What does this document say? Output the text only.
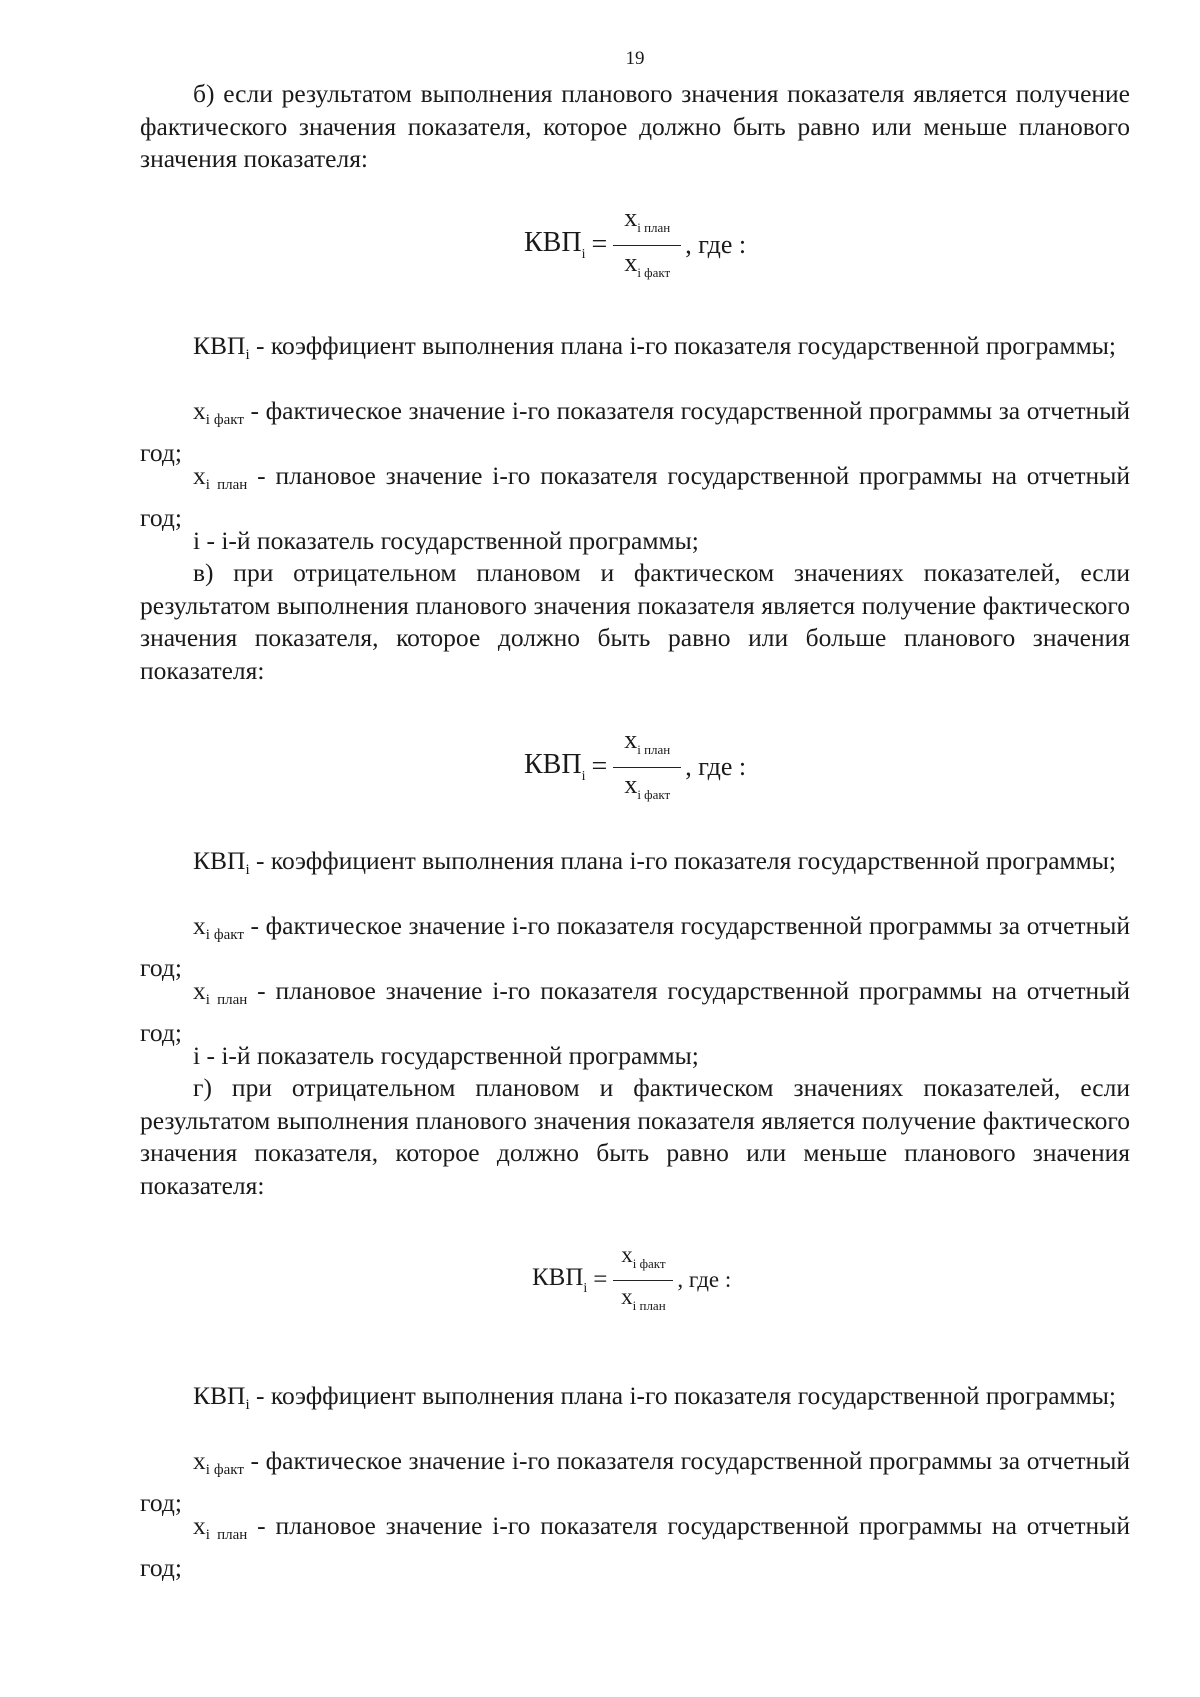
19

б) если результатом выполнения планового значения показателя является получение фактического значения показателя, которое должно быть равно или меньше планового значения показателя:

$КВП_i = \frac{x_{i план}}{x_{i факт}}$ , где :

$КВП_i$ - коэффициент выполнения плана i-го показателя государственной программы;

$x_{i факт}$ - фактическое значение i-го показателя государственной программы за отчетный год;

$x_{i план}$ - плановое значение i-го показателя государственной программы на отчетный год;

i - i-й показатель государственной программы;

в) при отрицательном плановом и фактическом значениях показателей, если результатом выполнения планового значения показателя является получение фактического значения показателя, которое должно быть равно или больше планового значения показателя:

$КВП_i = \frac{x_{i план}}{x_{i факт}}$ , где :

$КВП_i$ - коэффициент выполнения плана i-го показателя государственной программы;

$x_{i факт}$ - фактическое значение i-го показателя государственной программы за отчетный год;

$x_{i план}$ - плановое значение i-го показателя государственной программы на отчетный год;

i - i-й показатель государственной программы;

г) при отрицательном плановом и фактическом значениях показателей, если результатом выполнения планового значения показателя является получение фактического значения показателя, которое должно быть равно или меньше планового значения показателя:

$КВП_i = \frac{x_{i факт}}{x_{i план}}$ , где :

$КВП_i$ - коэффициент выполнения плана i-го показателя государственной программы;

$x_{i факт}$ - фактическое значение i-го показателя государственной программы за отчетный год;

$x_{i план}$ - плановое значение i-го показателя государственной программы на отчетный год;
